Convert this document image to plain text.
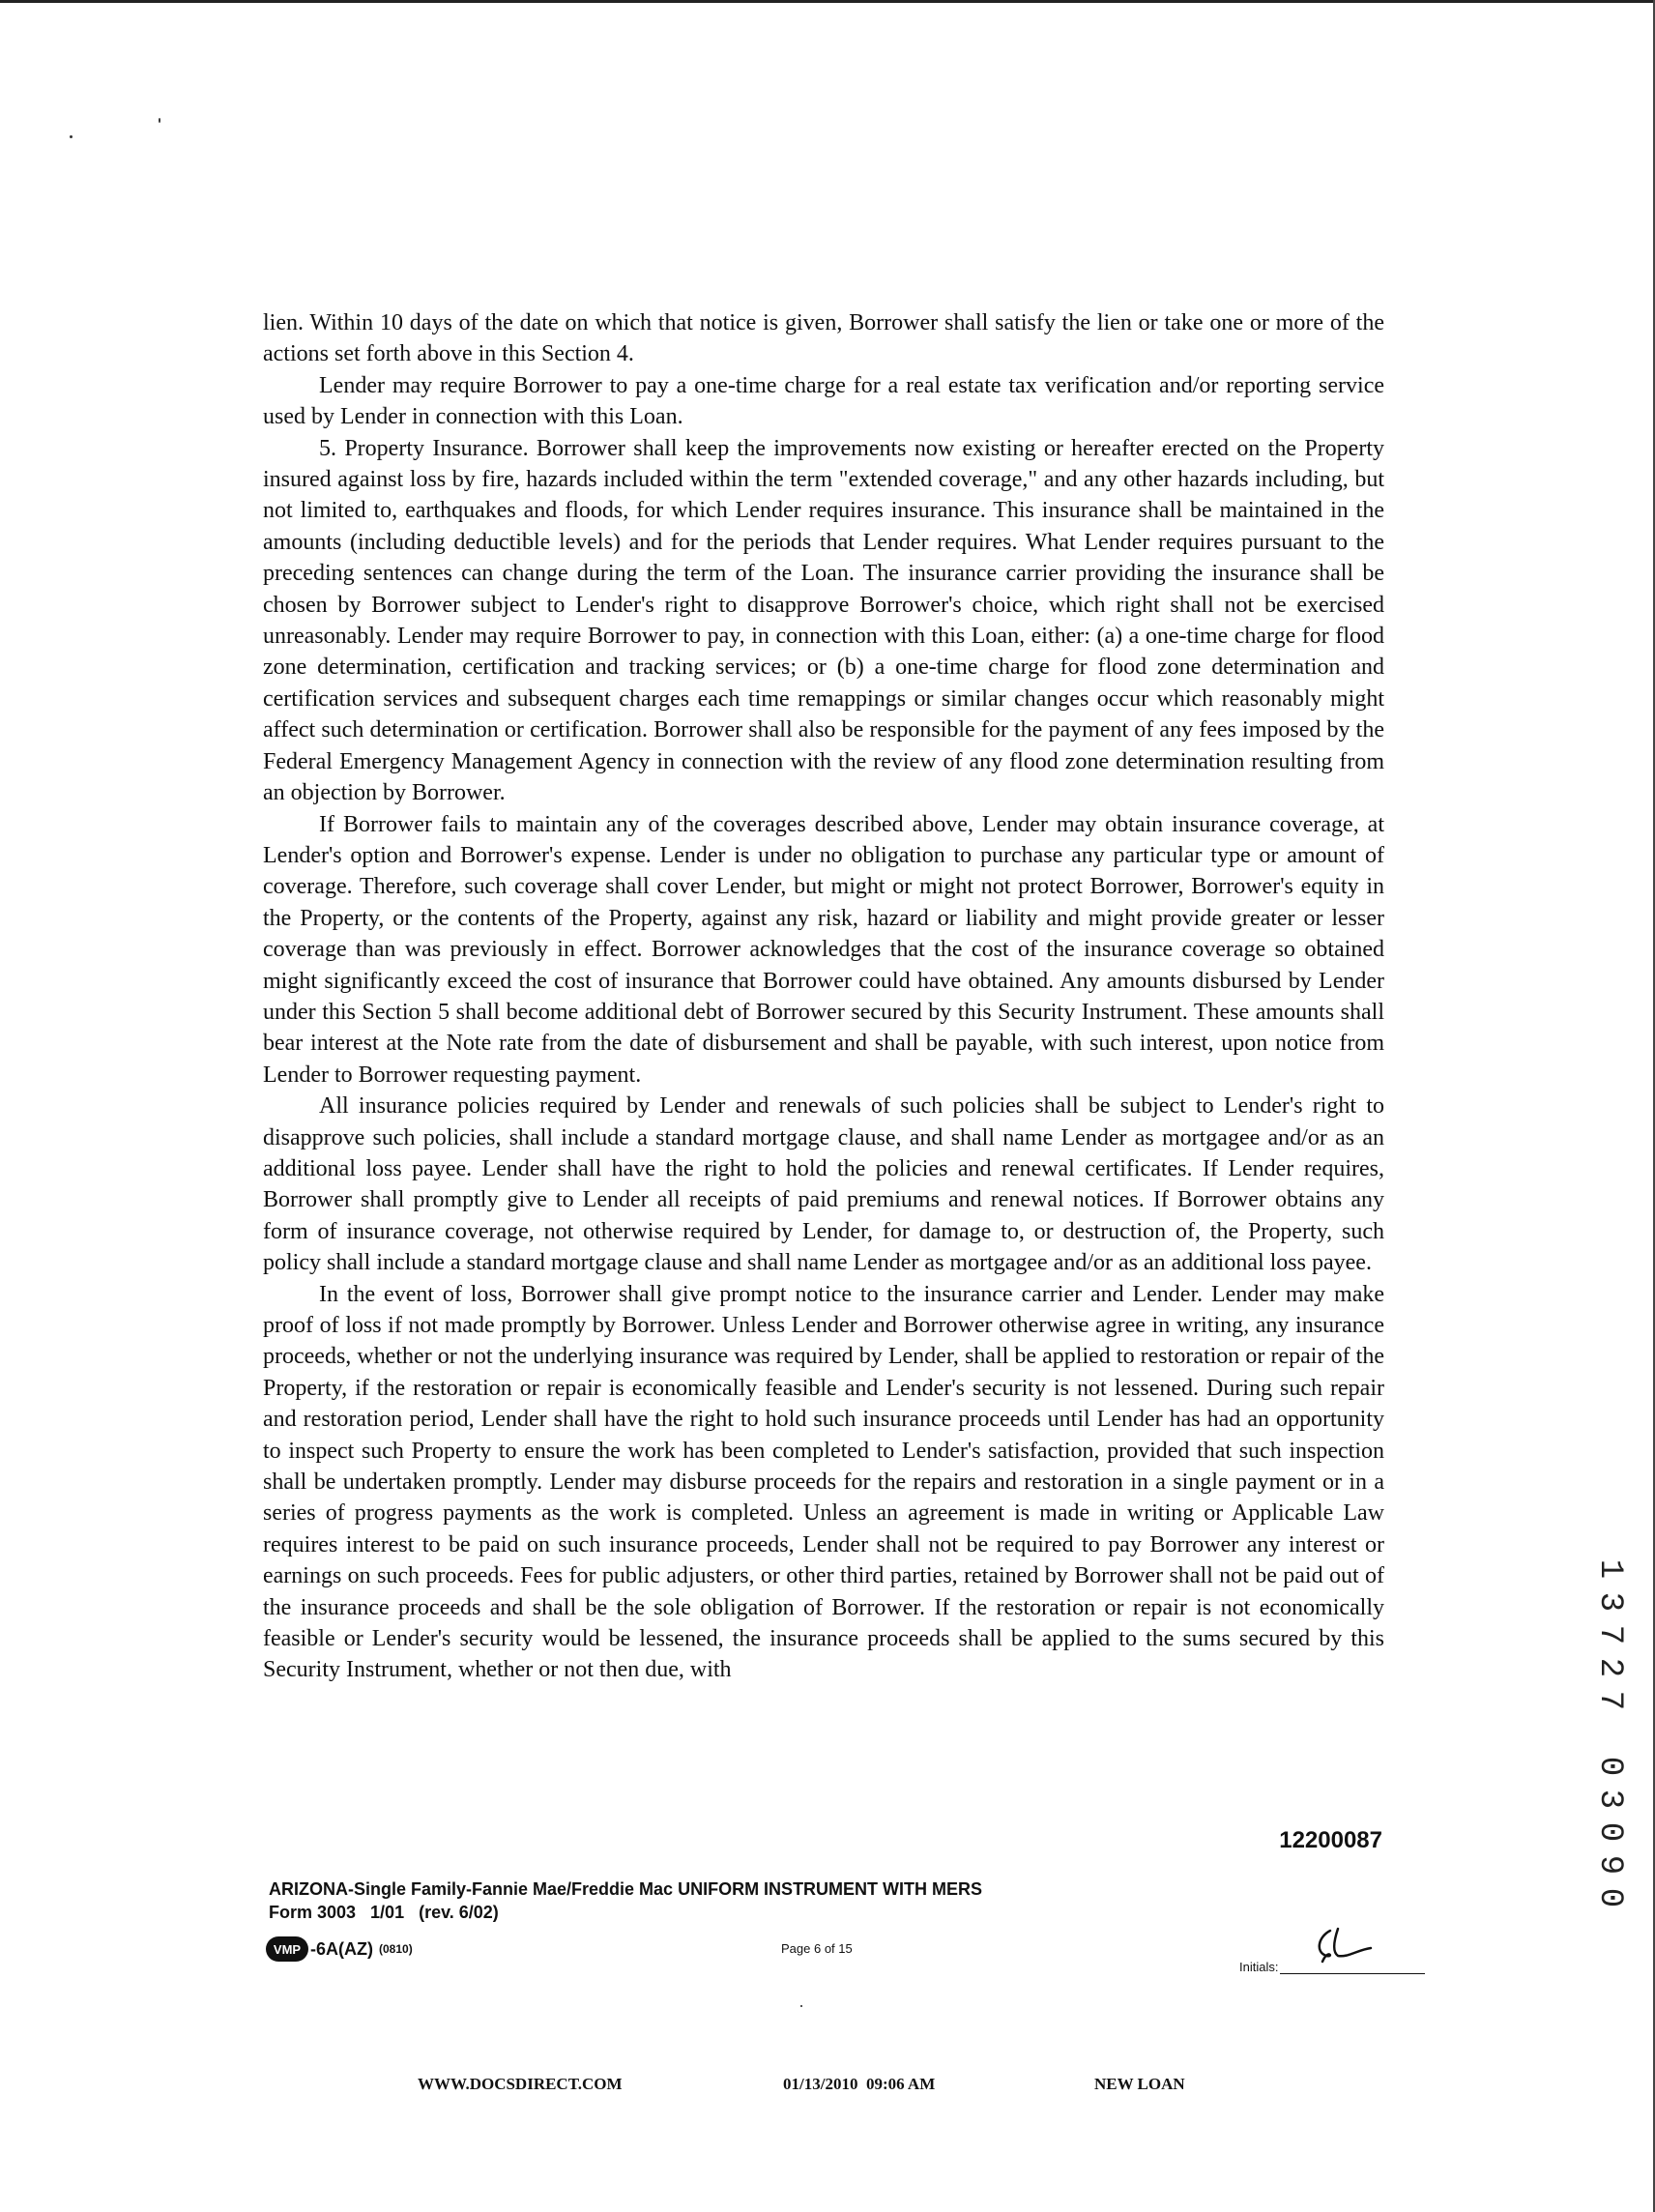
lien. Within 10 days of the date on which that notice is given, Borrower shall satisfy the lien or take one or more of the actions set forth above in this Section 4.

Lender may require Borrower to pay a one-time charge for a real estate tax verification and/or reporting service used by Lender in connection with this Loan.

5. Property Insurance. Borrower shall keep the improvements now existing or hereafter erected on the Property insured against loss by fire, hazards included within the term "extended coverage," and any other hazards including, but not limited to, earthquakes and floods, for which Lender requires insurance. This insurance shall be maintained in the amounts (including deductible levels) and for the periods that Lender requires. What Lender requires pursuant to the preceding sentences can change during the term of the Loan. The insurance carrier providing the insurance shall be chosen by Borrower subject to Lender's right to disapprove Borrower's choice, which right shall not be exercised unreasonably. Lender may require Borrower to pay, in connection with this Loan, either: (a) a one-time charge for flood zone determination, certification and tracking services; or (b) a one-time charge for flood zone determination and certification services and subsequent charges each time remappings or similar changes occur which reasonably might affect such determination or certification. Borrower shall also be responsible for the payment of any fees imposed by the Federal Emergency Management Agency in connection with the review of any flood zone determination resulting from an objection by Borrower.

If Borrower fails to maintain any of the coverages described above, Lender may obtain insurance coverage, at Lender's option and Borrower's expense. Lender is under no obligation to purchase any particular type or amount of coverage. Therefore, such coverage shall cover Lender, but might or might not protect Borrower, Borrower's equity in the Property, or the contents of the Property, against any risk, hazard or liability and might provide greater or lesser coverage than was previously in effect. Borrower acknowledges that the cost of the insurance coverage so obtained might significantly exceed the cost of insurance that Borrower could have obtained. Any amounts disbursed by Lender under this Section 5 shall become additional debt of Borrower secured by this Security Instrument. These amounts shall bear interest at the Note rate from the date of disbursement and shall be payable, with such interest, upon notice from Lender to Borrower requesting payment.

All insurance policies required by Lender and renewals of such policies shall be subject to Lender's right to disapprove such policies, shall include a standard mortgage clause, and shall name Lender as mortgagee and/or as an additional loss payee. Lender shall have the right to hold the policies and renewal certificates. If Lender requires, Borrower shall promptly give to Lender all receipts of paid premiums and renewal notices. If Borrower obtains any form of insurance coverage, not otherwise required by Lender, for damage to, or destruction of, the Property, such policy shall include a standard mortgage clause and shall name Lender as mortgagee and/or as an additional loss payee.

In the event of loss, Borrower shall give prompt notice to the insurance carrier and Lender. Lender may make proof of loss if not made promptly by Borrower. Unless Lender and Borrower otherwise agree in writing, any insurance proceeds, whether or not the underlying insurance was required by Lender, shall be applied to restoration or repair of the Property, if the restoration or repair is economically feasible and Lender's security is not lessened. During such repair and restoration period, Lender shall have the right to hold such insurance proceeds until Lender has had an opportunity to inspect such Property to ensure the work has been completed to Lender's satisfaction, provided that such inspection shall be undertaken promptly. Lender may disburse proceeds for the repairs and restoration in a single payment or in a series of progress payments as the work is completed. Unless an agreement is made in writing or Applicable Law requires interest to be paid on such insurance proceeds, Lender shall not be required to pay Borrower any interest or earnings on such proceeds. Fees for public adjusters, or other third parties, retained by Borrower shall not be paid out of the insurance proceeds and shall be the sole obligation of Borrower. If the restoration or repair is not economically feasible or Lender's security would be lessened, the insurance proceeds shall be applied to the sums secured by this Security Instrument, whether or not then due, with

1
3
7
2
7
0
3
0
9
0
12200087
ARIZONA-Single Family-Fannie Mae/Freddie Mac UNIFORM INSTRUMENT WITH MERS
Form 3003   1/01   (rev. 6/02)
VMP -6A(AZ) (0810)	Page 6 of 15
Initials:
WWW.DOCSDIRECT.COM	01/13/2010  09:06 AM	NEW LOAN
